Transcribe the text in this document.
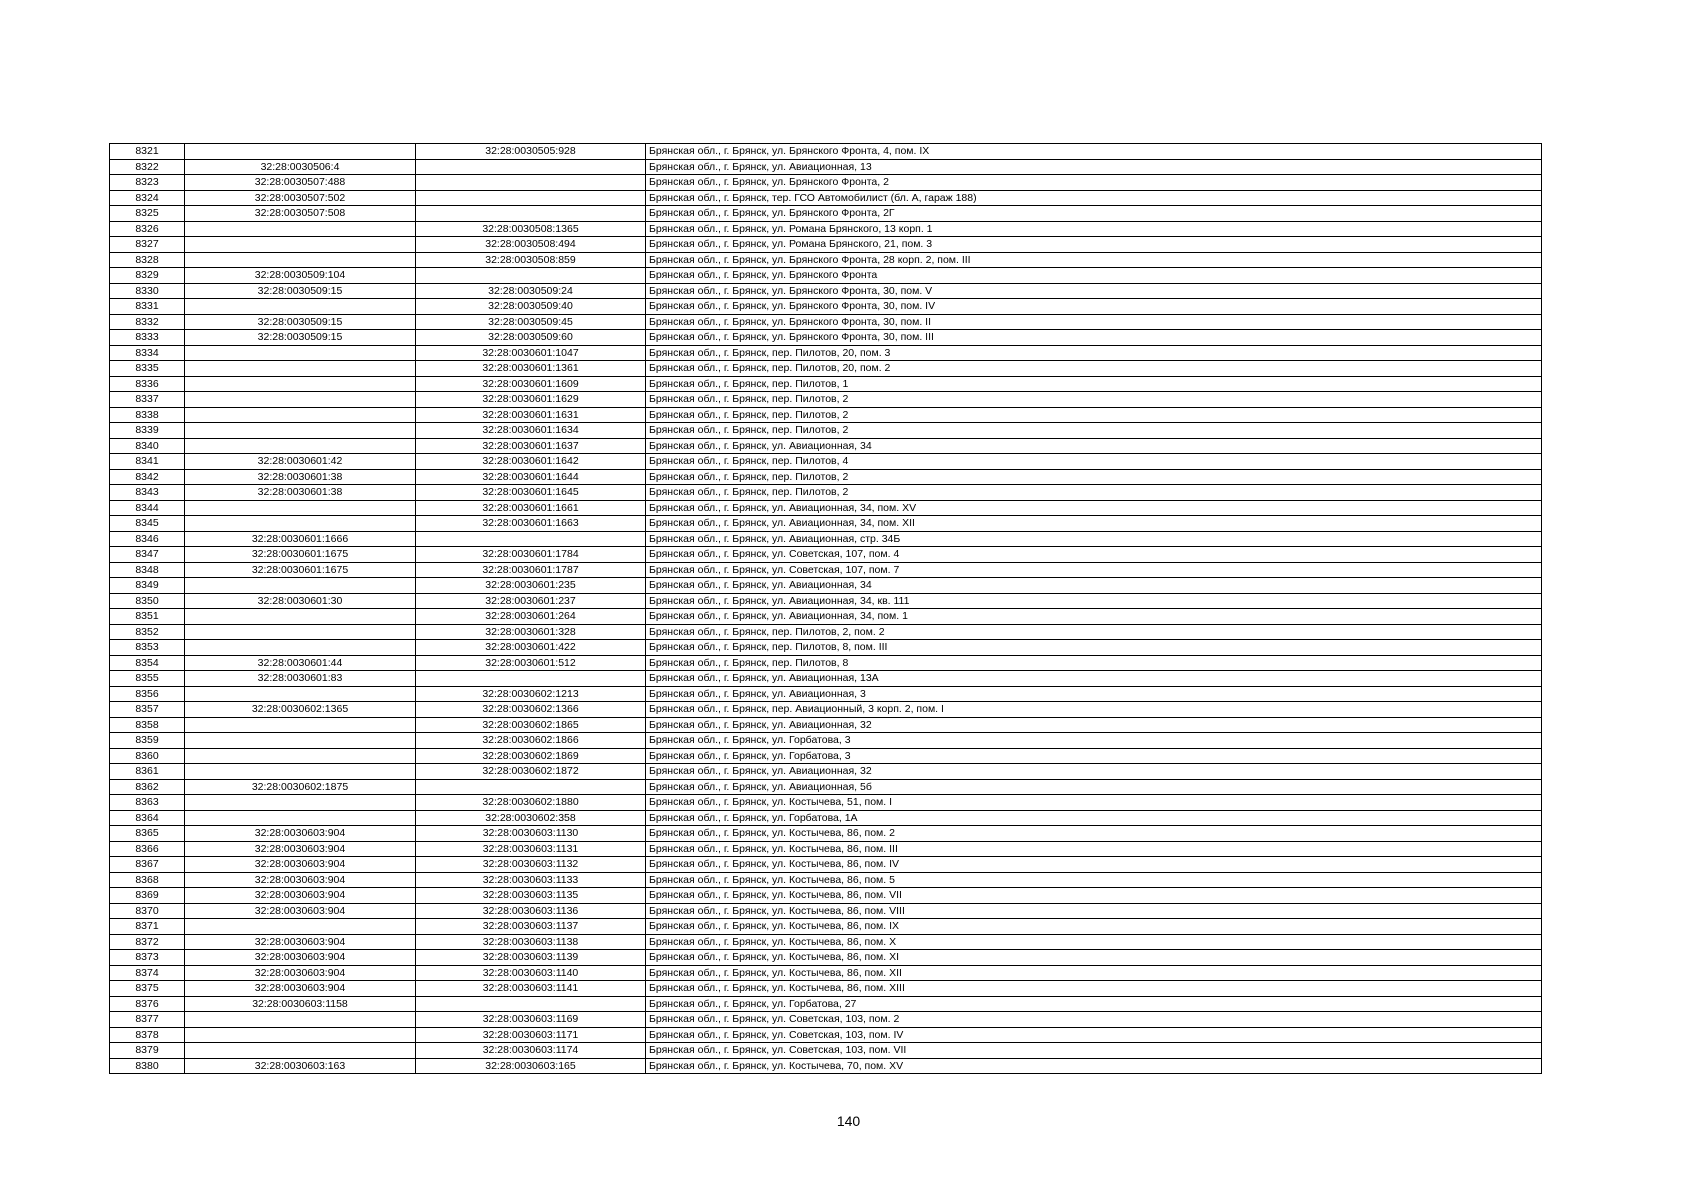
8321		32:28:0030505:928	Брянская обл., г. Брянск, ул. Брянского Фронта, 4, пом. IX
8322	32:28:0030506:4		Брянская обл., г. Брянск, ул. Авиационная, 13
8323	32:28:0030507:488		Брянская обл., г. Брянск, ул. Брянского Фронта, 2
8324	32:28:0030507:502		Брянская обл., г. Брянск, тер. ГСО Автомобилист (бл. А, гараж 188)
8325	32:28:0030507:508		Брянская обл., г. Брянск, ул. Брянского Фронта, 2Г
8326		32:28:0030508:1365	Брянская обл., г. Брянск, ул. Романа Брянского, 13 корп. 1
8327		32:28:0030508:494	Брянская обл., г. Брянск, ул. Романа Брянского, 21, пом. 3
8328		32:28:0030508:859	Брянская обл., г. Брянск, ул. Брянского Фронта, 28 корп. 2, пом. III
8329	32:28:0030509:104		Брянская обл., г. Брянск, ул. Брянского Фронта
8330	32:28:0030509:15	32:28:0030509:24	Брянская обл., г. Брянск, ул. Брянского Фронта, 30, пом. V
8331		32:28:0030509:40	Брянская обл., г. Брянск, ул. Брянского Фронта, 30, пом. IV
8332	32:28:0030509:15	32:28:0030509:45	Брянская обл., г. Брянск, ул. Брянского Фронта, 30, пом. II
8333	32:28:0030509:15	32:28:0030509:60	Брянская обл., г. Брянск, ул. Брянского Фронта, 30, пом. III
8334		32:28:0030601:1047	Брянская обл., г. Брянск, пер. Пилотов, 20, пом. 3
8335		32:28:0030601:1361	Брянская обл., г. Брянск, пер. Пилотов, 20, пом. 2
8336		32:28:0030601:1609	Брянская обл., г. Брянск, пер. Пилотов, 1
8337		32:28:0030601:1629	Брянская обл., г. Брянск, пер. Пилотов, 2
8338		32:28:0030601:1631	Брянская обл., г. Брянск, пер. Пилотов, 2
8339		32:28:0030601:1634	Брянская обл., г. Брянск, пер. Пилотов, 2
8340		32:28:0030601:1637	Брянская обл., г. Брянск, ул. Авиационная, 34
8341	32:28:0030601:42	32:28:0030601:1642	Брянская обл., г. Брянск, пер. Пилотов, 4
8342	32:28:0030601:38	32:28:0030601:1644	Брянская обл., г. Брянск, пер. Пилотов, 2
8343	32:28:0030601:38	32:28:0030601:1645	Брянская обл., г. Брянск, пер. Пилотов, 2
8344		32:28:0030601:1661	Брянская обл., г. Брянск, ул. Авиационная, 34, пом. XV
8345		32:28:0030601:1663	Брянская обл., г. Брянск, ул. Авиационная, 34, пом. XII
8346	32:28:0030601:1666		Брянская обл., г. Брянск, ул. Авиационная, стр. 34Б
8347	32:28:0030601:1675	32:28:0030601:1784	Брянская обл., г. Брянск, ул. Советская, 107, пом. 4
8348	32:28:0030601:1675	32:28:0030601:1787	Брянская обл., г. Брянск, ул. Советская, 107, пом. 7
8349		32:28:0030601:235	Брянская обл., г. Брянск, ул. Авиационная, 34
8350	32:28:0030601:30	32:28:0030601:237	Брянская обл., г. Брянск, ул. Авиационная, 34, кв. 111
8351		32:28:0030601:264	Брянская обл., г. Брянск, ул. Авиационная, 34, пом. 1
8352		32:28:0030601:328	Брянская обл., г. Брянск, пер. Пилотов, 2, пом. 2
8353		32:28:0030601:422	Брянская обл., г. Брянск, пер. Пилотов, 8, пом. III
8354	32:28:0030601:44	32:28:0030601:512	Брянская обл., г. Брянск, пер. Пилотов, 8
8355	32:28:0030601:83		Брянская обл., г. Брянск, ул. Авиационная, 13А
8356		32:28:0030602:1213	Брянская обл., г. Брянск, ул. Авиационная, 3
8357	32:28:0030602:1365	32:28:0030602:1366	Брянская обл., г. Брянск, пер. Авиационный, 3 корп. 2, пом. I
8358		32:28:0030602:1865	Брянская обл., г. Брянск, ул. Авиационная, 32
8359		32:28:0030602:1866	Брянская обл., г. Брянск, ул. Горбатова, 3
8360		32:28:0030602:1869	Брянская обл., г. Брянск, ул. Горбатова, 3
8361		32:28:0030602:1872	Брянская обл., г. Брянск, ул. Авиационная, 32
8362	32:28:0030602:1875		Брянская обл., г. Брянск, ул. Авиационная, 5б
8363		32:28:0030602:1880	Брянская обл., г. Брянск, ул. Костычева, 51, пом. I
8364		32:28:0030602:358	Брянская обл., г. Брянск, ул. Горбатова, 1А
8365	32:28:0030603:904	32:28:0030603:1130	Брянская обл., г. Брянск, ул. Костычева, 86, пом. 2
8366	32:28:0030603:904	32:28:0030603:1131	Брянская обл., г. Брянск, ул. Костычева, 86, пом. III
8367	32:28:0030603:904	32:28:0030603:1132	Брянская обл., г. Брянск, ул. Костычева, 86, пом. IV
8368	32:28:0030603:904	32:28:0030603:1133	Брянская обл., г. Брянск, ул. Костычева, 86, пом. 5
8369	32:28:0030603:904	32:28:0030603:1135	Брянская обл., г. Брянск, ул. Костычева, 86, пом. VII
8370	32:28:0030603:904	32:28:0030603:1136	Брянская обл., г. Брянск, ул. Костычева, 86, пом. VIII
8371		32:28:0030603:1137	Брянская обл., г. Брянск, ул. Костычева, 86, пом. IX
8372	32:28:0030603:904	32:28:0030603:1138	Брянская обл., г. Брянск, ул. Костычева, 86, пом. X
8373	32:28:0030603:904	32:28:0030603:1139	Брянская обл., г. Брянск, ул. Костычева, 86, пом. XI
8374	32:28:0030603:904	32:28:0030603:1140	Брянская обл., г. Брянск, ул. Костычева, 86, пом. XII
8375	32:28:0030603:904	32:28:0030603:1141	Брянская обл., г. Брянск, ул. Костычева, 86, пом. XIII
8376	32:28:0030603:1158		Брянская обл., г. Брянск, ул. Горбатова, 27
8377		32:28:0030603:1169	Брянская обл., г. Брянск, ул. Советская, 103, пом. 2
8378		32:28:0030603:1171	Брянская обл., г. Брянск, ул. Советская, 103, пом. IV
8379		32:28:0030603:1174	Брянская обл., г. Брянск, ул. Советская, 103, пом. VII
8380	32:28:0030603:163	32:28:0030603:165	Брянская обл., г. Брянск, ул. Костычева, 70, пом. XV
140
